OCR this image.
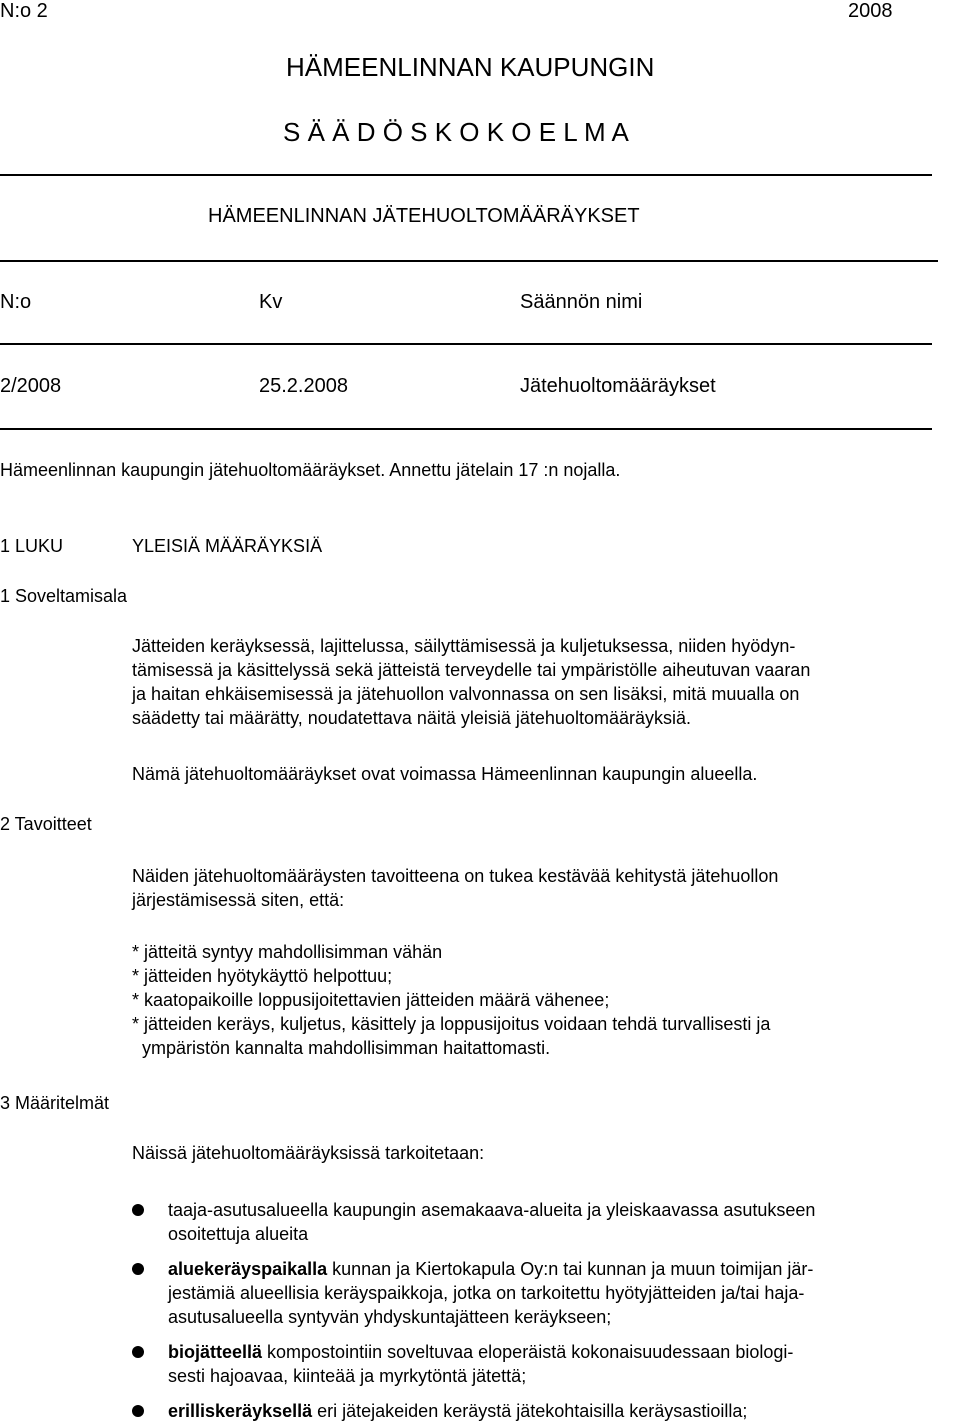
N:o 2	2008
HÄMEENLINNAN KAUPUNGIN
S Ä Ä D Ö S K O K O E L M A
HÄMEENLINNAN JÄTEHUOLTOMÄÄRÄYKSET
N:o	Kv	Säännön nimi
2/2008	25.2.2008	Jätehuoltomääräykset
Hämeenlinnan kaupungin jätehuoltomääräykset. Annettu jätelain 17 :n nojalla.
1 LUKU	YLEISIÄ MÄÄRÄYKSIÄ
1 Soveltamisala
Jätteiden keräyksessä, lajittelussa, säilyttämisessä ja kuljetuksessa, niiden hyödyn-
tämisessä ja käsittelyssä sekä jätteistä terveydelle tai ympäristölle aiheutuvan vaaran
ja haitan ehkäisemisessä ja jätehuollon valvonnassa on sen lisäksi, mitä muualla on
säädetty tai määrätty, noudatettava näitä yleisiä jätehuoltomääräyksiä.
Nämä jätehuoltomääräykset ovat voimassa Hämeenlinnan kaupungin alueella.
2 Tavoitteet
Näiden jätehuoltomääräysten tavoitteena on tukea kestävää kehitystä jätehuollon
järjestämisessä siten, että:
* jätteitä syntyy mahdollisimman vähän
* jätteiden hyötykäyttö helpottuu;
* kaatopaikoille loppusijoitettavien jätteiden määrä vähenee;
* jätteiden keräys, kuljetus, käsittely ja loppusijoitus voidaan tehdä turvallisesti ja
ympäristön kannalta mahdollisimman haitattomasti.
3 Määritelmät
Näissä jätehuoltomääräyksissä tarkoitetaan:
taaja-asutusalueella kaupungin asemakaava-alueita ja yleiskaavassa asutukseen
osoitettuja alueita
aluekeräyspaikalla kunnan ja Kiertokapula Oy:n tai kunnan ja muun toimijan jär-
jestämiä alueellisia keräyspaikkoja, jotka on tarkoitettu hyötyjätteiden ja/tai haja-
asutusalueella syntyvän yhdyskuntajätteen keräykseen;
biojätteellä kompostointiin soveltuvaa eloperäistä kokonaisuudessaan biologi-
sesti hajoavaa, kiinteää ja myrkytöntä jätettä;
erilliskeräyksellä eri jätejakeiden keräystä jätekohtaisilla keräysastioilla;
